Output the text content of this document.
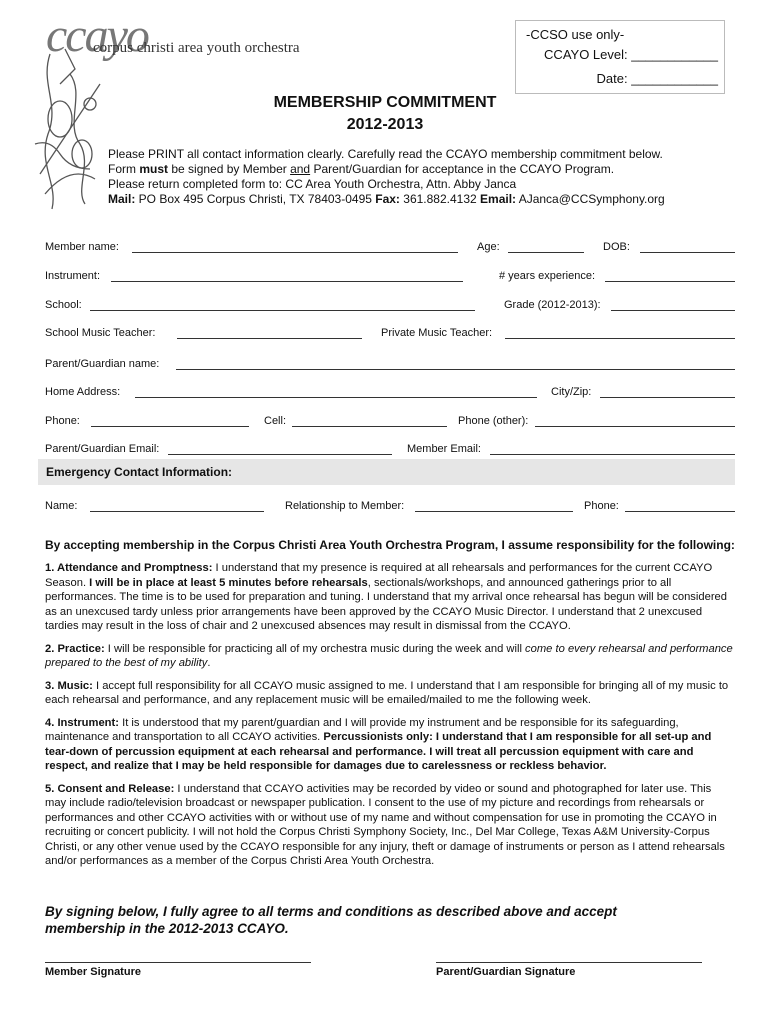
ccayo
corpus christi area youth orchestra
-CCSO use only-
CCAYO Level: ____________
Date: ____________
MEMBERSHIP COMMITMENT
2012-2013
Please PRINT all contact information clearly. Carefully read the CCAYO membership commitment below.
Form must be signed by Member and Parent/Guardian for acceptance in the CCAYO Program.
Please return completed form to: CC Area Youth Orchestra, Attn. Abby Janca
Mail: PO Box 495 Corpus Christi, TX 78403-0495 Fax: 361.882.4132 Email: AJanca@CCSymphony.org
Member name:	Age:	DOB:
Instrument:	# years experience:
School:	Grade (2012-2013):
School Music Teacher:	Private Music Teacher:
Parent/Guardian name:
Home Address:	City/Zip:
Phone:	Cell:	Phone (other):
Parent/Guardian Email:	Member Email:
Emergency Contact Information:
Name:	Relationship to Member:	Phone:

By accepting membership in the Corpus Christi Area Youth Orchestra Program, I assume responsibility for the following:

1. Attendance and Promptness: I understand that my presence is required at all rehearsals and performances for the current CCAYO Season. I will be in place at least 5 minutes before rehearsals, sectionals/workshops, and announced gatherings prior to all performances. The time is to be used for preparation and tuning. I understand that my arrival once rehearsal has begun will be considered as an unexcused tardy unless prior arrangements have been approved by the CCAYO Music Director. I understand that 2 unexcused tardies may result in the loss of chair and 2 unexcused absences may result in dismissal from the CCAYO.

2. Practice: I will be responsible for practicing all of my orchestra music during the week and will come to every rehearsal and performance prepared to the best of my ability.

3. Music: I accept full responsibility for all CCAYO music assigned to me. I understand that I am responsible for bringing all of my music to each rehearsal and performance, and any replacement music will be emailed/mailed to me the following week.

4. Instrument: It is understood that my parent/guardian and I will provide my instrument and be responsible for its safeguarding, maintenance and transportation to all CCAYO activities. Percussionists only: I understand that I am responsible for all set-up and tear-down of percussion equipment at each rehearsal and performance. I will treat all percussion equipment with care and respect, and realize that I may be held responsible for damages due to carelessness or reckless behavior.

5. Consent and Release: I understand that CCAYO activities may be recorded by video or sound and photographed for later use. This may include radio/television broadcast or newspaper publication. I consent to the use of my picture and recordings from rehearsals or performances and other CCAYO activities with or without use of my name and without compensation for use in promoting the CCAYO in recruiting or concert publicity. I will not hold the Corpus Christi Symphony Society, Inc., Del Mar College, Texas A&M University-Corpus Christi, or any other venue used by the CCAYO responsible for any injury, theft or damage of instruments or person as I attend rehearsals and/or performances as a member of the Corpus Christi Area Youth Orchestra.

By signing below, I fully agree to all terms and conditions as described above and accept membership in the 2012-2013 CCAYO.
Member Signature	Parent/Guardian Signature
